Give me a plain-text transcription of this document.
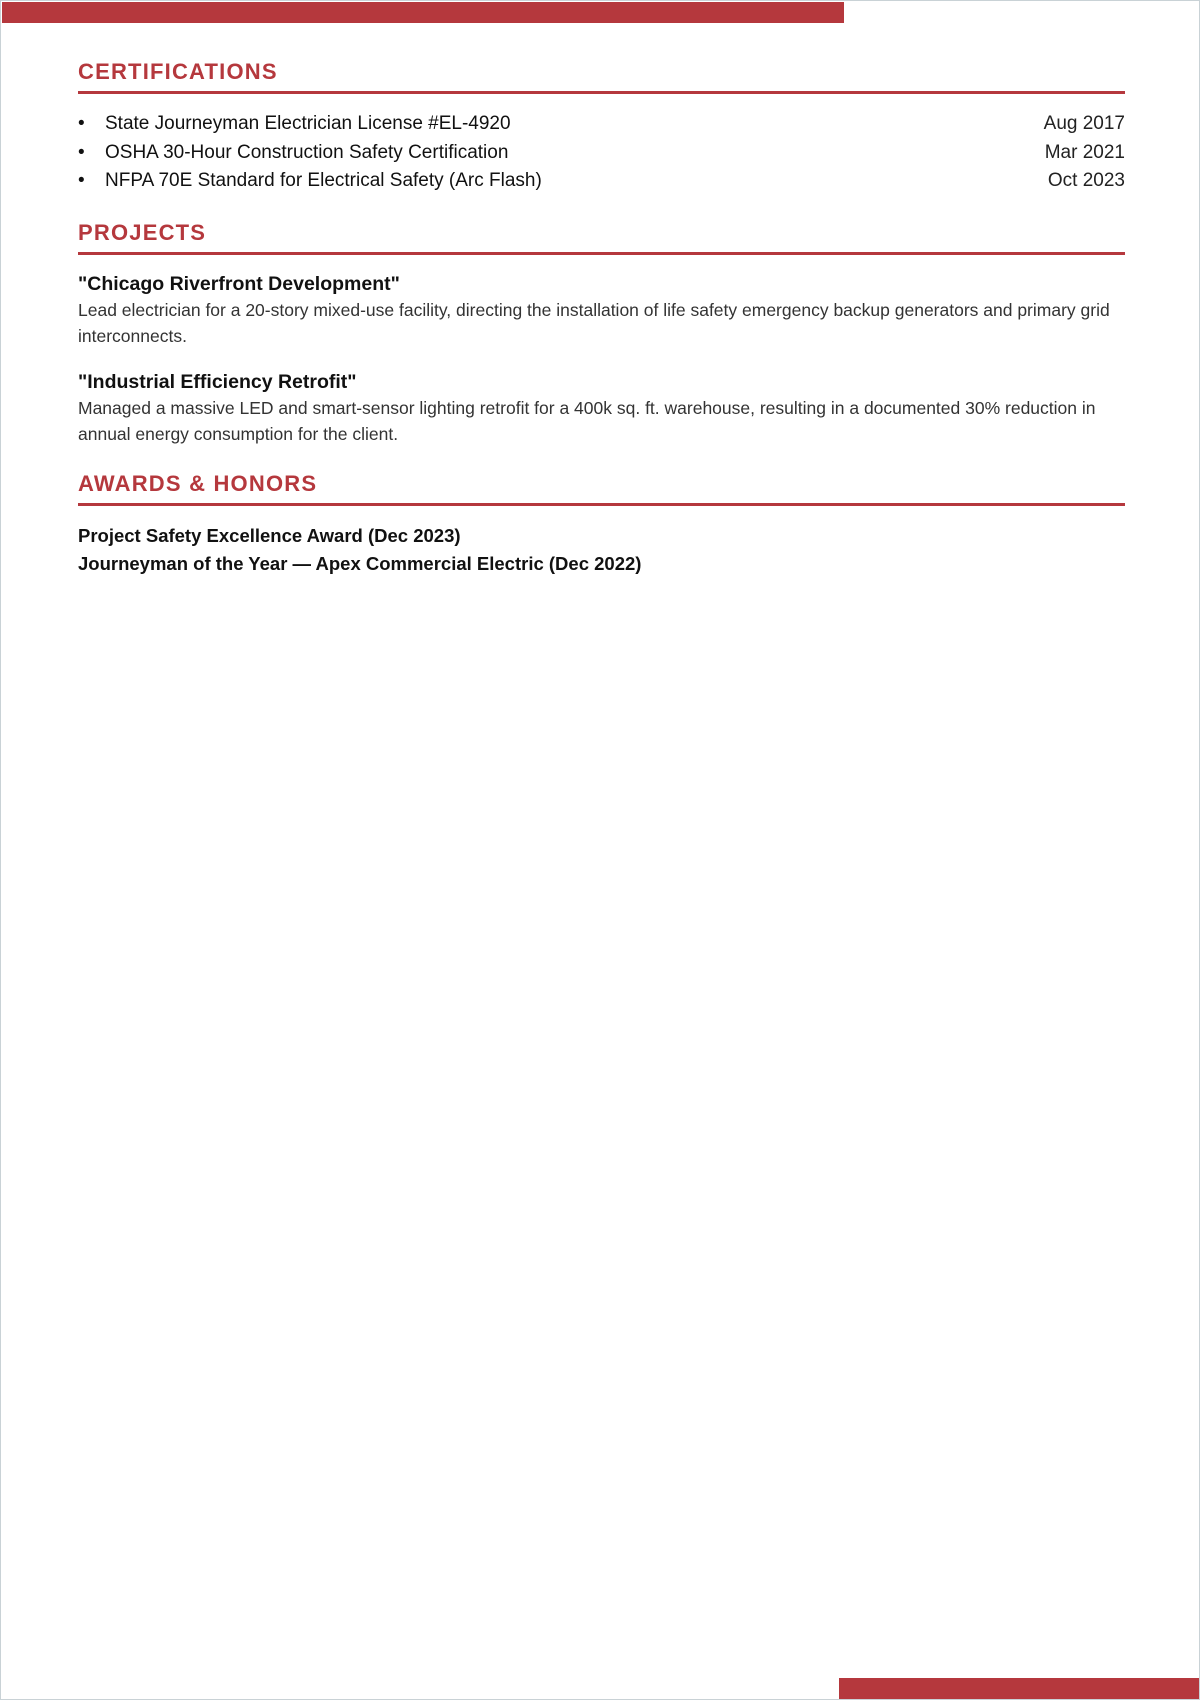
CERTIFICATIONS
•	State Journeyman Electrician License #EL-4920	Aug 2017
•	OSHA 30-Hour Construction Safety Certification	Mar 2021
•	NFPA 70E Standard for Electrical Safety (Arc Flash)	Oct 2023
PROJECTS

"Chicago Riverfront Development"

Lead electrician for a 20-story mixed-use facility, directing the installation of life safety emergency backup generators and primary grid interconnects.

"Industrial Efficiency Retrofit"

Managed a massive LED and smart-sensor lighting retrofit for a 400k sq. ft. warehouse, resulting in a documented 30% reduction in annual energy consumption for the client.

AWARDS & HONORS
Project Safety Excellence Award (Dec 2023)
Journeyman of the Year — Apex Commercial Electric (Dec 2022)
